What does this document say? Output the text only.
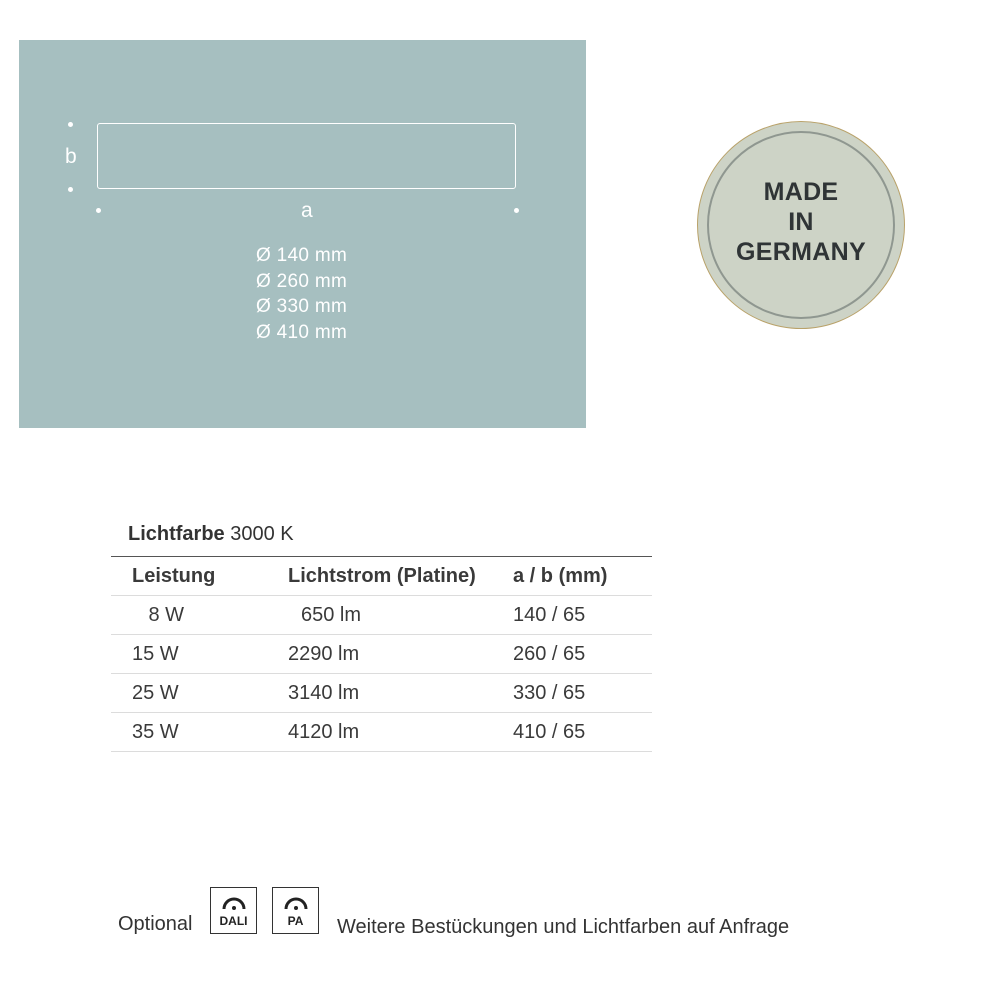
b
a
Ø 140 mm
Ø 260 mm
Ø 330 mm
Ø 410 mm
MADE
IN
GERMANY
Lichtfarbe 3000 K
Leistung	Lichtstrom (Platine)	a / b (mm)
8 W	650 lm	140 / 65
15 W	2290 lm	260 / 65
25 W	3140 lm	330 / 65
35 W	4120 lm	410 / 65
Optional	DALI	PA	Weitere Bestückungen und Lichtfarben auf Anfrage
